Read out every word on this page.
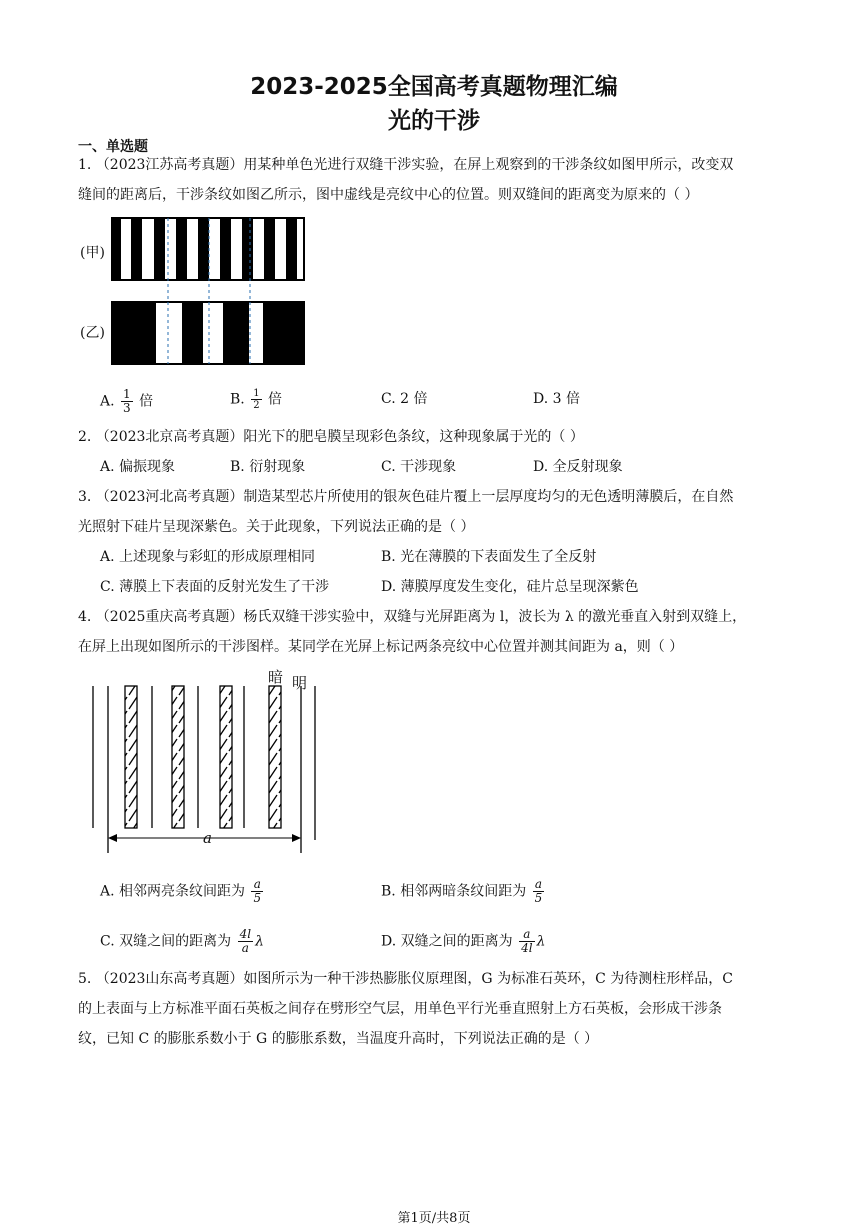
2023-2025全国高考真题物理汇编
光的干涉
一、单选题
1. （2023江苏高考真题）用某种单色光进行双缝干涉实验，在屏上观察到的干涉条纹如图甲所示，改变双
缝间的距离后，干涉条纹如图乙所示，图中虚线是亮纹中心的位置。则双缝间的距离变为原来的（ ）
(甲)
(乙)
A. $\frac{1}{3}$ 倍	B. $\frac{1}{2}$ 倍	C. 2 倍	D. 3 倍
2. （2023北京高考真题）阳光下的肥皂膜呈现彩色条纹，这种现象属于光的（ ）
A. 偏振现象	B. 衍射现象	C. 干涉现象	D. 全反射现象
3. （2023河北高考真题）制造某型芯片所使用的银灰色硅片覆上一层厚度均匀的无色透明薄膜后，在自然
光照射下硅片呈现深紫色。关于此现象，下列说法正确的是（ ）
A. 上述现象与彩虹的形成原理相同	B. 光在薄膜的下表面发生了全反射
C. 薄膜上下表面的反射光发生了干涉	D. 薄膜厚度发生变化，硅片总呈现深紫色
4. （2025重庆高考真题）杨氏双缝干涉实验中，双缝与光屏距离为 l，波长为 λ 的激光垂直入射到双缝上，
在屏上出现如图所示的干涉图样。某同学在光屏上标记两条亮纹中心位置并测其间距为 a，则（ ）
暗 明
a
A. 相邻两亮条纹间距为 $\frac{a}{5}$	B. 相邻两暗条纹间距为 $\frac{a}{5}$
C. 双缝之间的距离为 $\frac{4l}{a}$ λ	D. 双缝之间的距离为 $\frac{a}{4l}$ λ
5. （2023山东高考真题）如图所示为一种干涉热膨胀仪原理图，G 为标准石英环，C 为待测柱形样品，C
的上表面与上方标准平面石英板之间存在劈形空气层，用单色平行光垂直照射上方石英板，会形成干涉条
纹，已知 C 的膨胀系数小于 G 的膨胀系数，当温度升高时，下列说法正确的是（ ）
第1页/共8页
